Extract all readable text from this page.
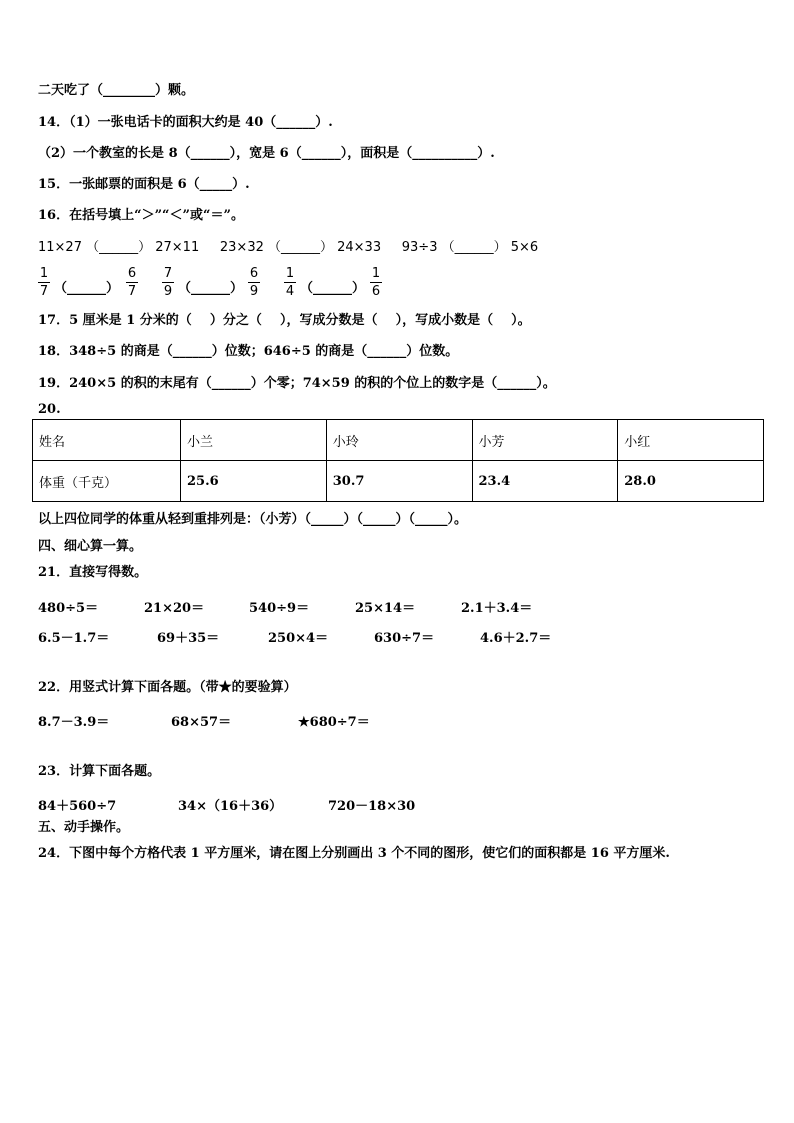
二天吃了（________）颗。
14．（1）一张电话卡的面积大约是 40（______）.
（2）一个教室的长是 8（______），宽是 6（______），面积是（__________）.
15．一张邮票的面积是 6（_____）.
16．在括号填上“＞”“＜”或“＝”。
11×27 （______） 27×11     23×32 （______） 24×33     93÷3 （______） 5×6
1
7 （______）
6
7
7
9 （______）
6
9
1
4 （______）
1
6
17．5 厘米是 1 分米的（    ）分之（    ），写成分数是（    ），写成小数是（    ）。
18．348÷5 的商是（______）位数；646÷5 的商是（______）位数。
19．240×5 的积的末尾有（______）个零；74×59 的积的个位上的数字是（______）。
20.
姓名	小兰	小玲	小芳	小红
体重（千克）	25.6	30.7	23.4	28.0
以上四位同学的体重从轻到重排列是：（小芳）（_____）（_____）（_____）。
四、细心算一算。
21．直接写得数。
480÷5＝	21×20＝	540÷9＝	25×14＝	2.1＋3.4＝
6.5－1.7＝	69＋35＝	250×4＝	630÷7＝	4.6＋2.7＝
22．用竖式计算下面各题。（带★的要验算）
8.7－3.9＝	68×57＝	★680÷7＝
23．计算下面各题。
84＋560÷7	34×（16＋36）	720－18×30
五、动手操作。
24．下图中每个方格代表 1 平方厘米，请在图上分别画出 3 个不同的图形，使它们的面积都是 16 平方厘米.
